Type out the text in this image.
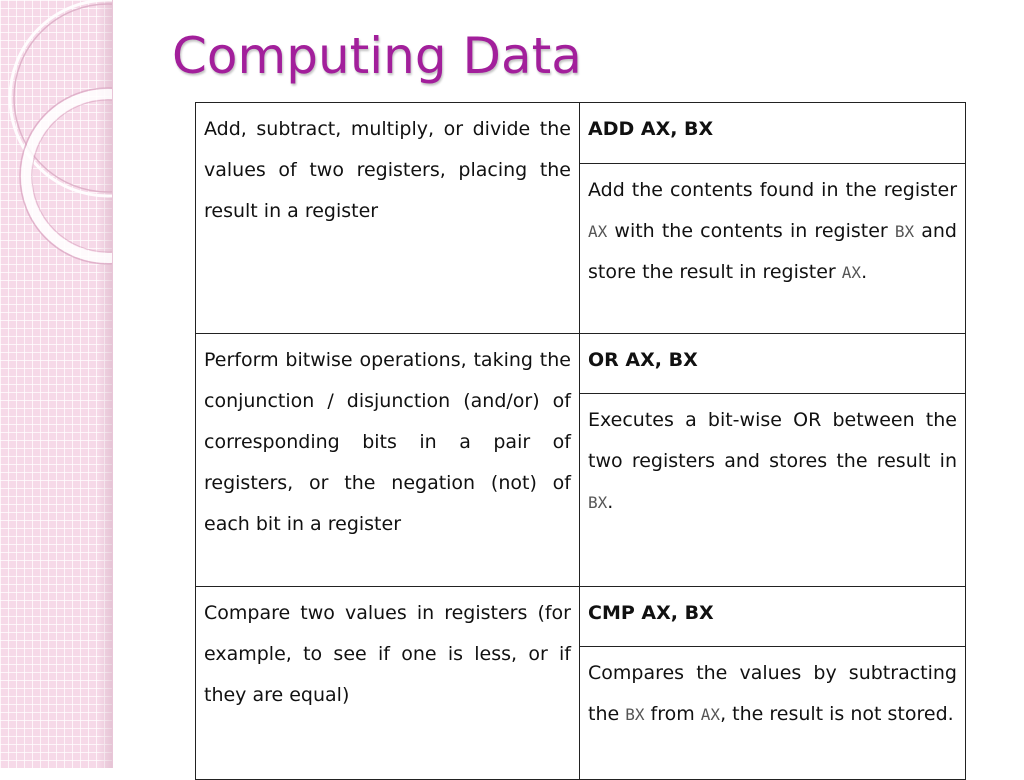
Computing Data
Add, subtract, multiply, or divide the values of two registers, placing the result in a register	ADD AX, BX
	Add the contents found in the register AX with the contents in register BX and store the result in register AX.
Perform bitwise operations, taking the conjunction / disjunction (and/or) of corresponding bits in a pair of registers, or the negation (not) of each bit in a register	OR AX, BX
	Executes a bit-wise OR between the two registers and stores the result in BX.
Compare two values in registers (for example, to see if one is less, or if they are equal)	CMP AX, BX
	Compares the values by subtracting the BX from AX, the result is not stored.
